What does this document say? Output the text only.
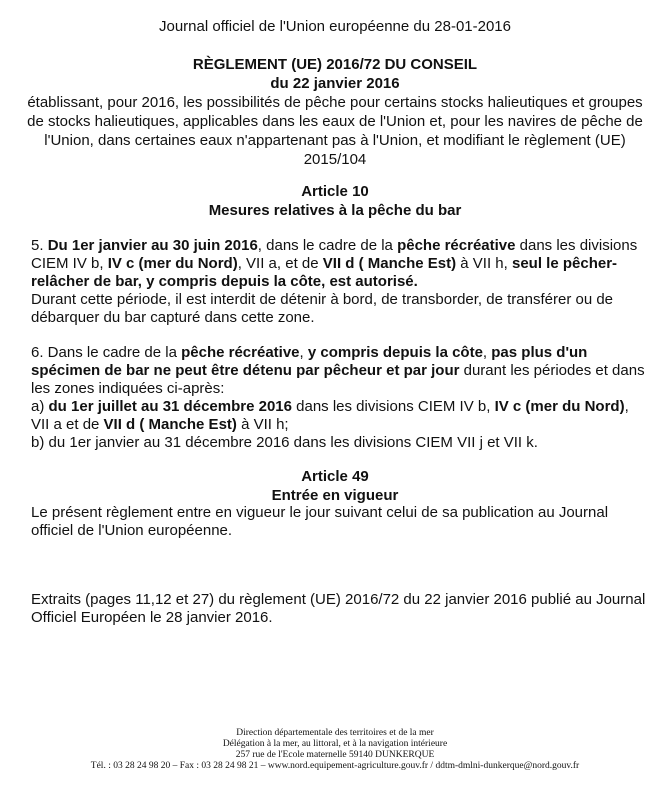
Journal officiel de l'Union européenne du 28-01-2016
RÈGLEMENT (UE) 2016/72 DU CONSEIL
du 22 janvier 2016
établissant, pour 2016, les possibilités de pêche pour certains stocks halieutiques et groupes de stocks halieutiques, applicables dans les eaux de l'Union et, pour les navires de pêche de l'Union, dans certaines eaux n'appartenant pas à l'Union, et modifiant le règlement (UE) 2015/104
Article 10
Mesures relatives à la pêche du bar

5. Du 1er janvier au 30 juin 2016, dans le cadre de la pêche récréative dans les divisions CIEM IV b, IV c (mer du Nord), VII a, et de VII d ( Manche Est) à VII h, seul le pêcher-relâcher de bar, y compris depuis la côte, est autorisé.

Durant cette période, il est interdit de détenir à bord, de transborder, de transférer ou de débarquer du bar capturé dans cette zone.

6. Dans le cadre de la pêche récréative, y compris depuis la côte, pas plus d'un spécimen de bar ne peut être détenu par pêcheur et par jour durant les périodes et dans les zones indiquées ci-après:

a) du 1er juillet au 31 décembre 2016 dans les divisions CIEM IV b, IV c (mer du Nord), VII a et de VII d ( Manche Est) à VII h;

b) du 1er janvier au 31 décembre 2016 dans les divisions CIEM VII j et VII k.

Article 49
Entrée en vigueur
Le présent règlement entre en vigueur le jour suivant celui de sa publication au Journal officiel de l'Union européenne.
Extraits (pages 11,12 et 27) du règlement (UE) 2016/72 du 22 janvier 2016 publié au Journal Officiel Européen le 28 janvier 2016.
Direction départementale des territoires et de la mer
Délégation à la mer, au littoral, et à la navigation intérieure
257 rue de l'Ecole maternelle 59140 DUNKERQUE
Tél. : 03 28 24 98 20 – Fax : 03 28 24 98 21 – www.nord.equipement-agriculture.gouv.fr / ddtm-dmlni-dunkerque@nord.gouv.fr
